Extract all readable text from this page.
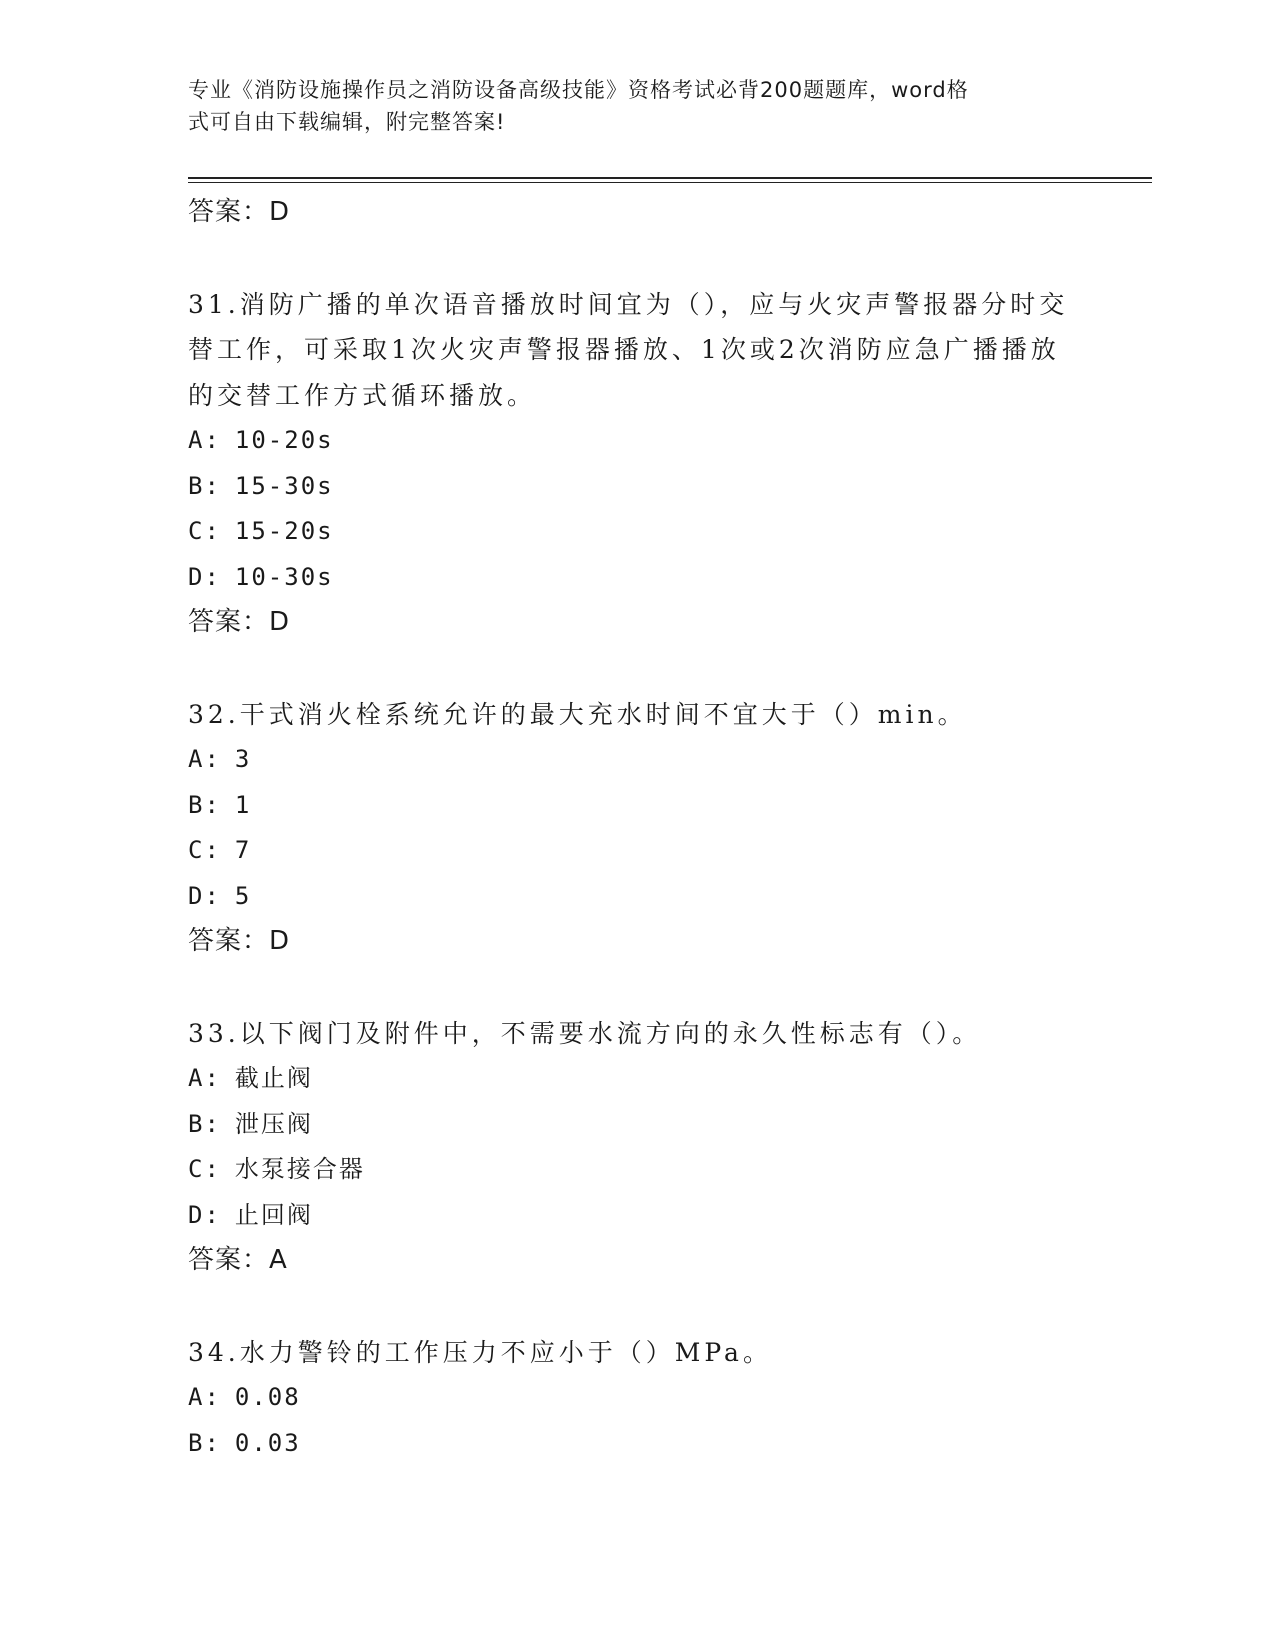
专业《消防设施操作员之消防设备高级技能》资格考试必背200题题库，word格
式可自由下载编辑，附完整答案!
答案：D
31.消防广播的单次语音播放时间宜为（），应与火灾声警报器分时交
替工作，可采取1次火灾声警报器播放、1次或2次消防应急广播播放
的交替工作方式循环播放。
A: 10-20s
B: 15-30s
C: 15-20s
D: 10-30s
答案：D
32.干式消火栓系统允许的最大充水时间不宜大于（）min。
A: 3
B: 1
C: 7
D: 5
答案：D
33.以下阀门及附件中，不需要水流方向的永久性标志有（）。
A: 截止阀
B: 泄压阀
C: 水泵接合器
D: 止回阀
答案：A
34.水力警铃的工作压力不应小于（）MPa。
A: 0.08
B: 0.03
